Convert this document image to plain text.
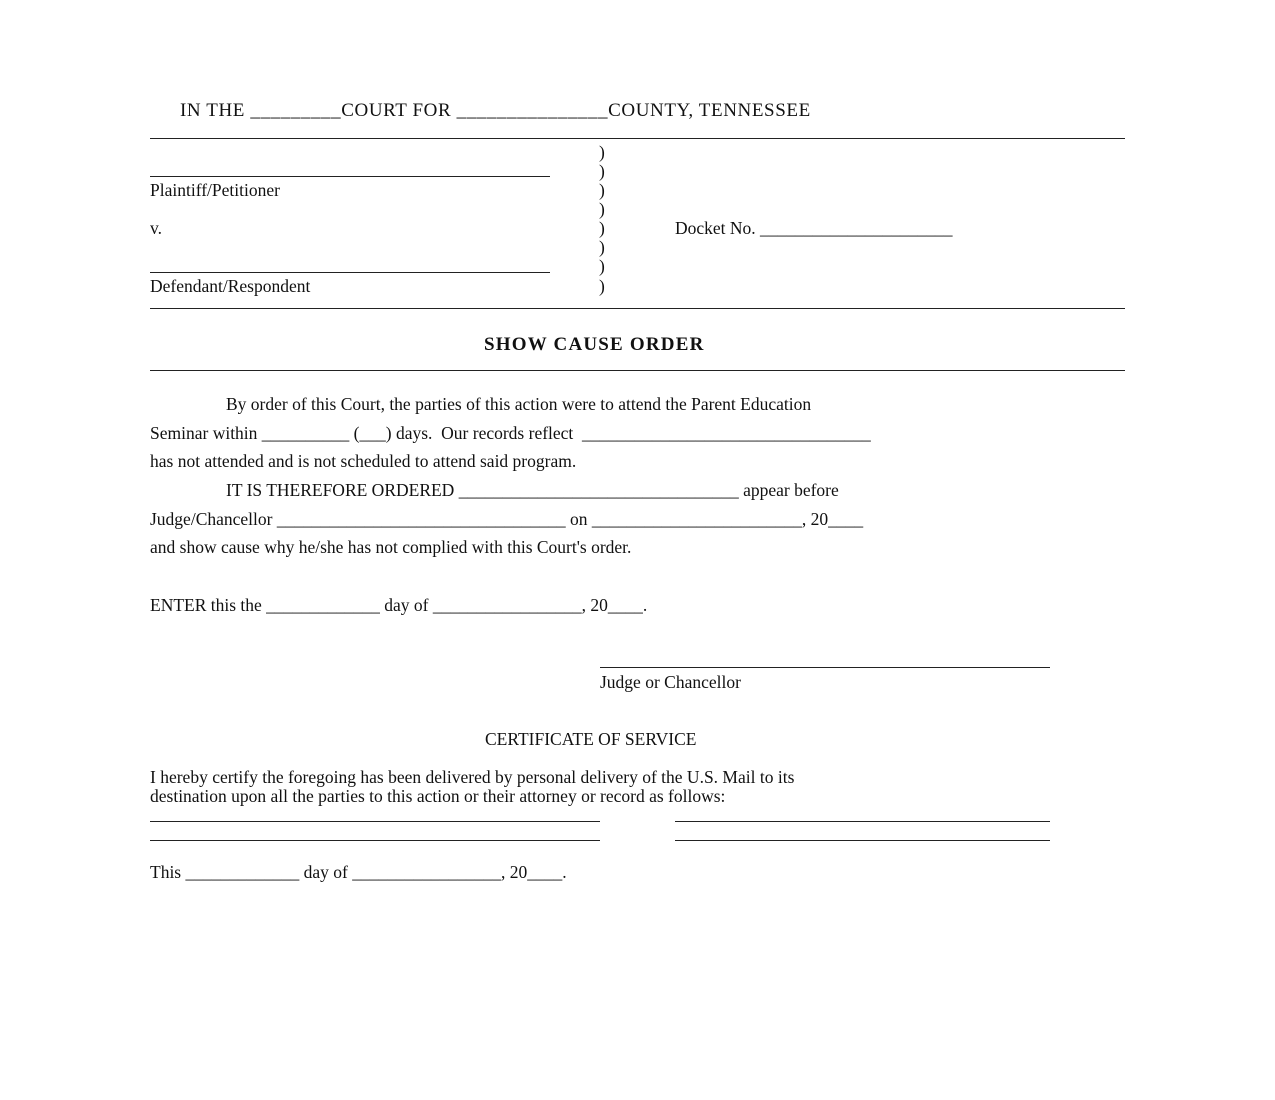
IN THE _________COURT FOR _______________COUNTY, TENNESSEE
Plaintiff/Petitioner
v.
Defendant/Respondent
)
)
)
)
)
)
)
)
Docket No. ______________________
SHOW CAUSE ORDER
By order of this Court, the parties of this action were to attend the Parent Education
Seminar within __________ (___) days.  Our records reflect  _________________________________
has not attended and is not scheduled to attend said program.
IT IS THEREFORE ORDERED ________________________________ appear before
Judge/Chancellor _________________________________ on ________________________, 20____
and show cause why he/she has not complied with this Court's order.
ENTER this the _____________ day of _________________, 20____.
Judge or Chancellor
CERTIFICATE OF SERVICE
I hereby certify the foregoing has been delivered by personal delivery of the U.S. Mail to its
destination upon all the parties to this action or their attorney or record as follows:
This _____________ day of _________________, 20____.
